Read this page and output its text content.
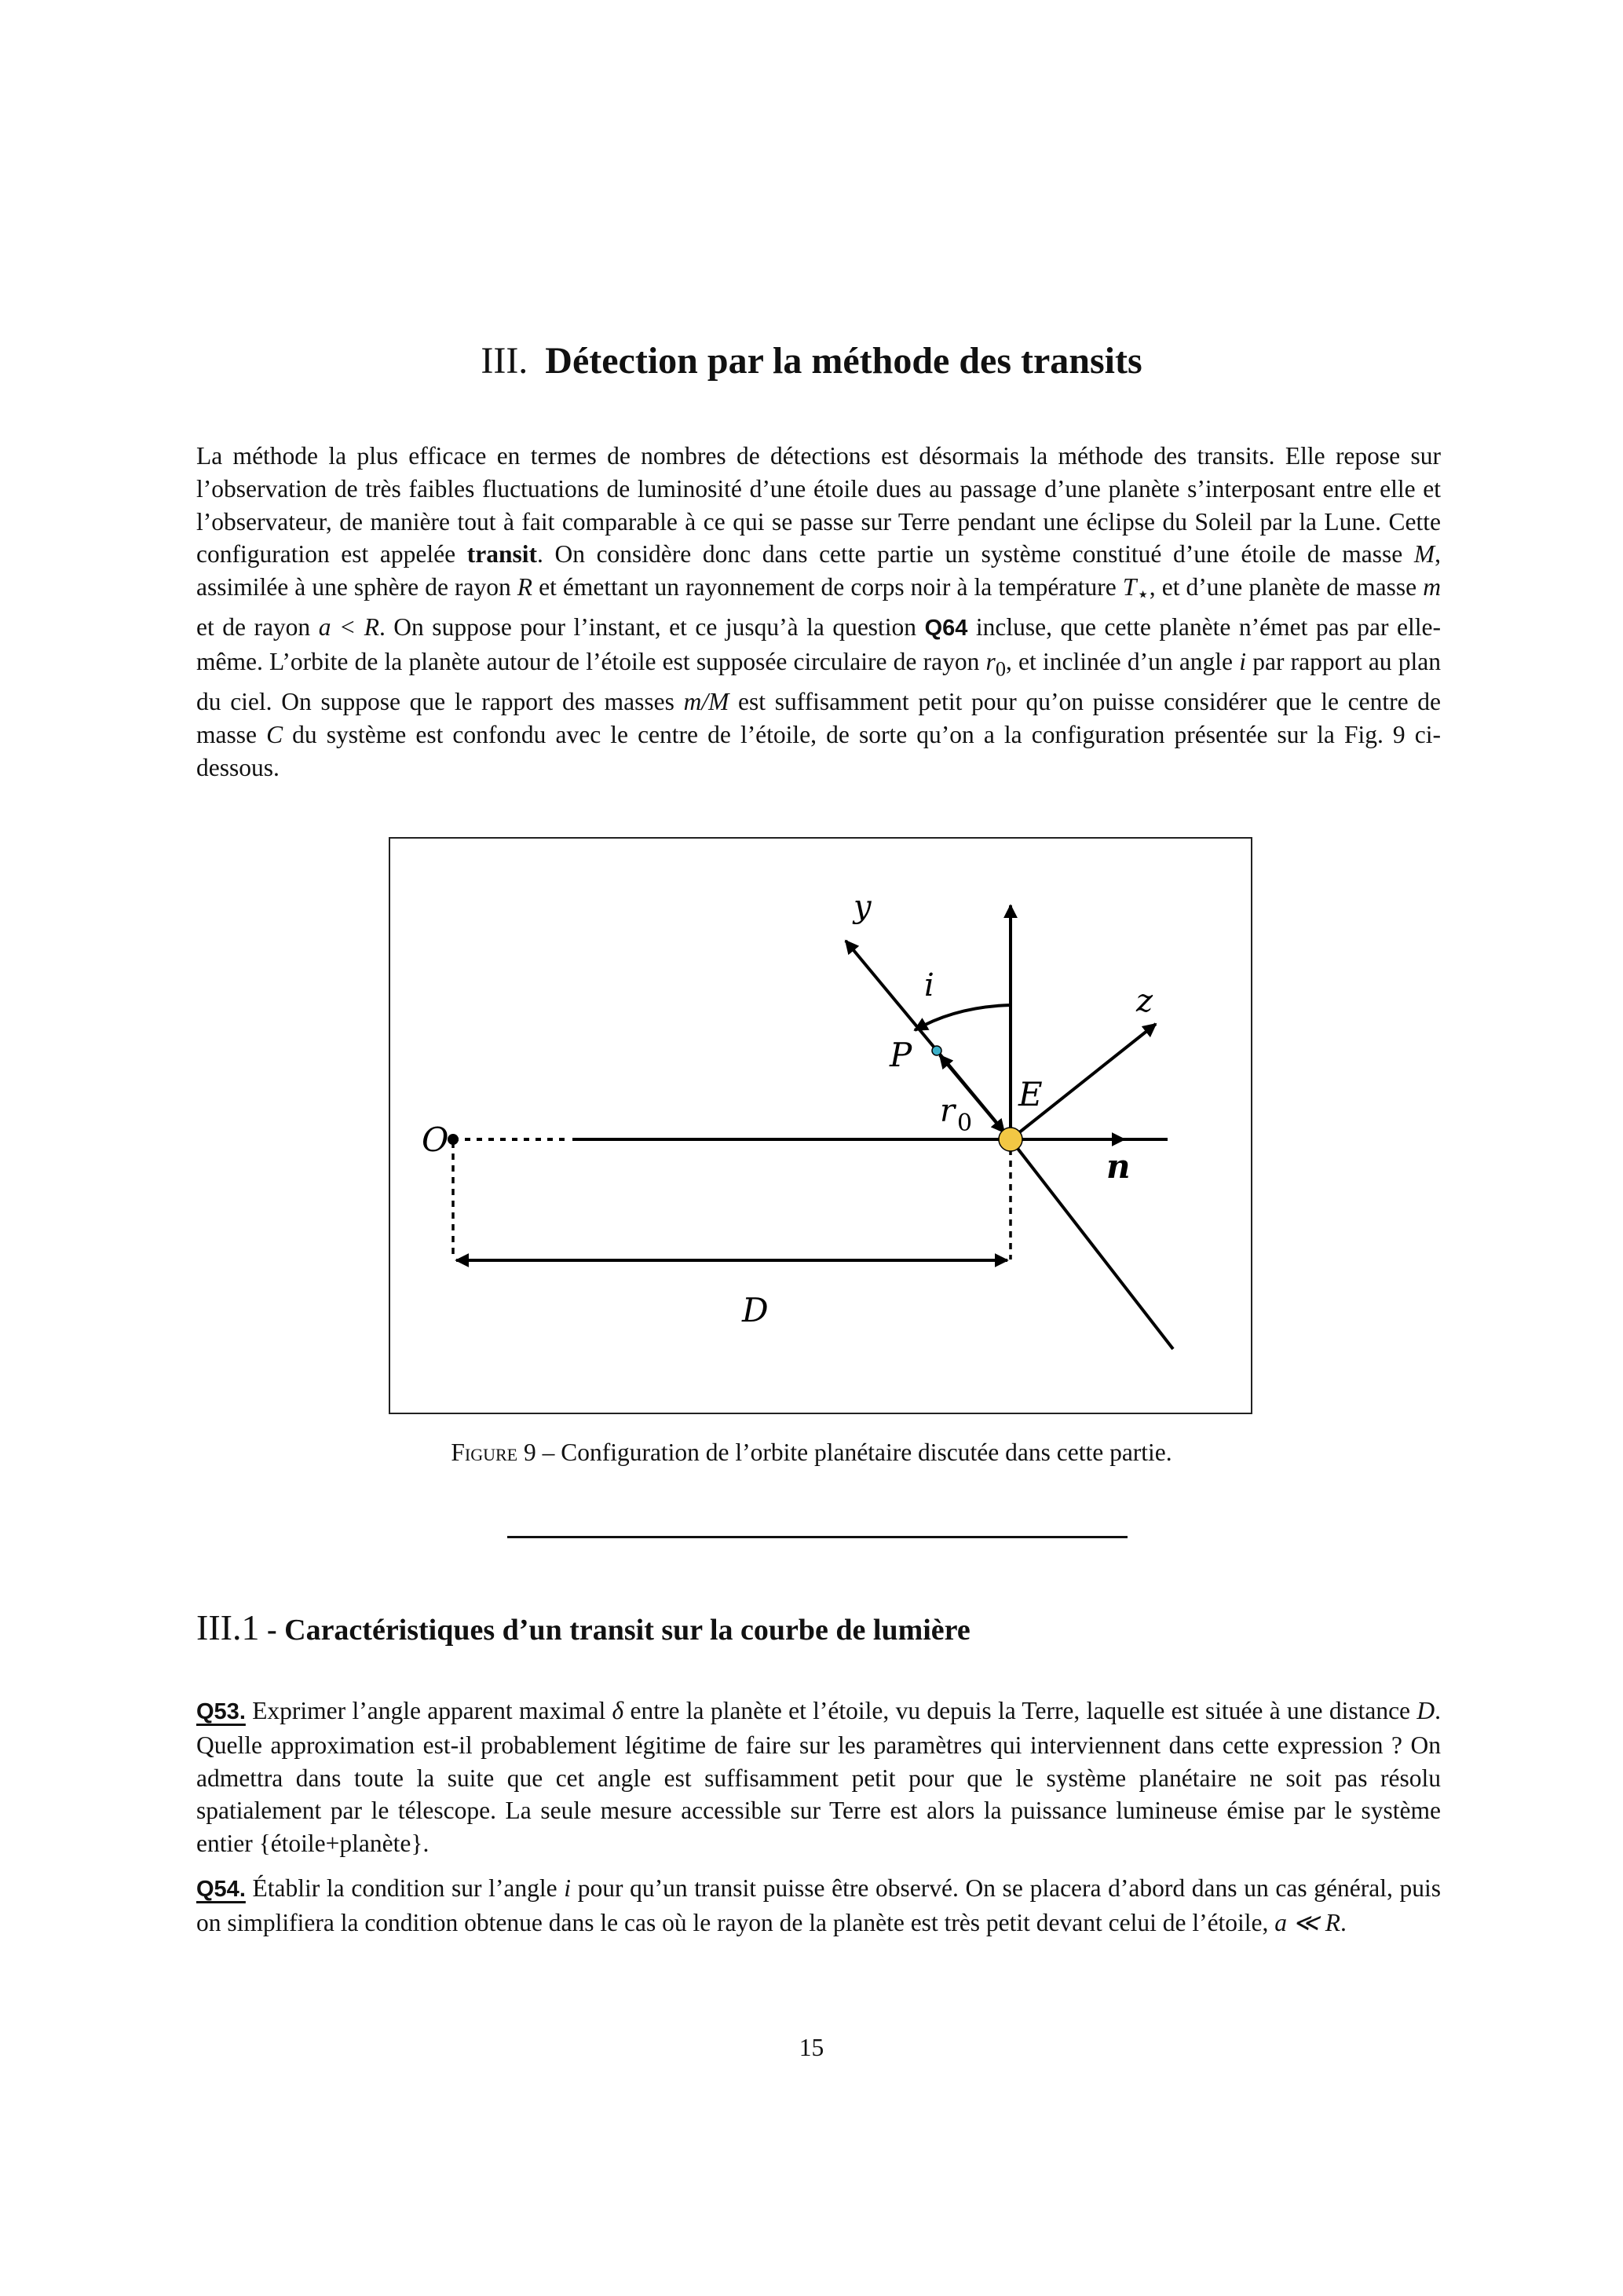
III. Détection par la méthode des transits

La méthode la plus efficace en termes de nombres de détections est désormais la méthode des transits. Elle repose sur l’observation de très faibles fluctuations de luminosité d’une étoile dues au passage d’une planète s’interposant entre elle et l’observateur, de manière tout à fait comparable à ce qui se passe sur Terre pendant une éclipse du Soleil par la Lune. Cette configuration est appelée transit. On considère donc dans cette partie un système constitué d’une étoile de masse M, assimilée à une sphère de rayon R et émettant un rayonnement de corps noir à la température $T_⋆$, et d’une planète de masse m et de rayon a < R. On suppose pour l’instant, et ce jusqu’à la question Q64 incluse, que cette planète n’émet pas par elle-même. L’orbite de la planète autour de l’étoile est supposée circulaire de rayon $r_0$, et inclinée d’un angle i par rapport au plan du ciel. On suppose que le rapport des masses m/M est suffisamment petit pour qu’on puisse considérer que le centre de masse C du système est confondu avec le centre de l’étoile, de sorte qu’on a la configuration présentée sur la Fig. 9 ci-dessous.

y
i	z
P
r 0
E
O
n
D
Figure 9 – Configuration de l’orbite planétaire discutée dans cette partie.
III.1 - Caractéristiques d’un transit sur la courbe de lumière

Q53. Exprimer l’angle apparent maximal δ entre la planète et l’étoile, vu depuis la Terre, laquelle est située à une distance D. Quelle approximation est-il probablement légitime de faire sur les paramètres qui interviennent dans cette expression ? On admettra dans toute la suite que cet angle est suffisamment petit pour que le système planétaire ne soit pas résolu spatialement par le télescope. La seule mesure accessible sur Terre est alors la puissance lumineuse émise par le système entier {étoile+planète}.

Q54. Établir la condition sur l’angle i pour qu’un transit puisse être observé. On se placera d’abord dans un cas général, puis on simplifiera la condition obtenue dans le cas où le rayon de la planète est très petit devant celui de l’étoile, a ≪ R.

15
